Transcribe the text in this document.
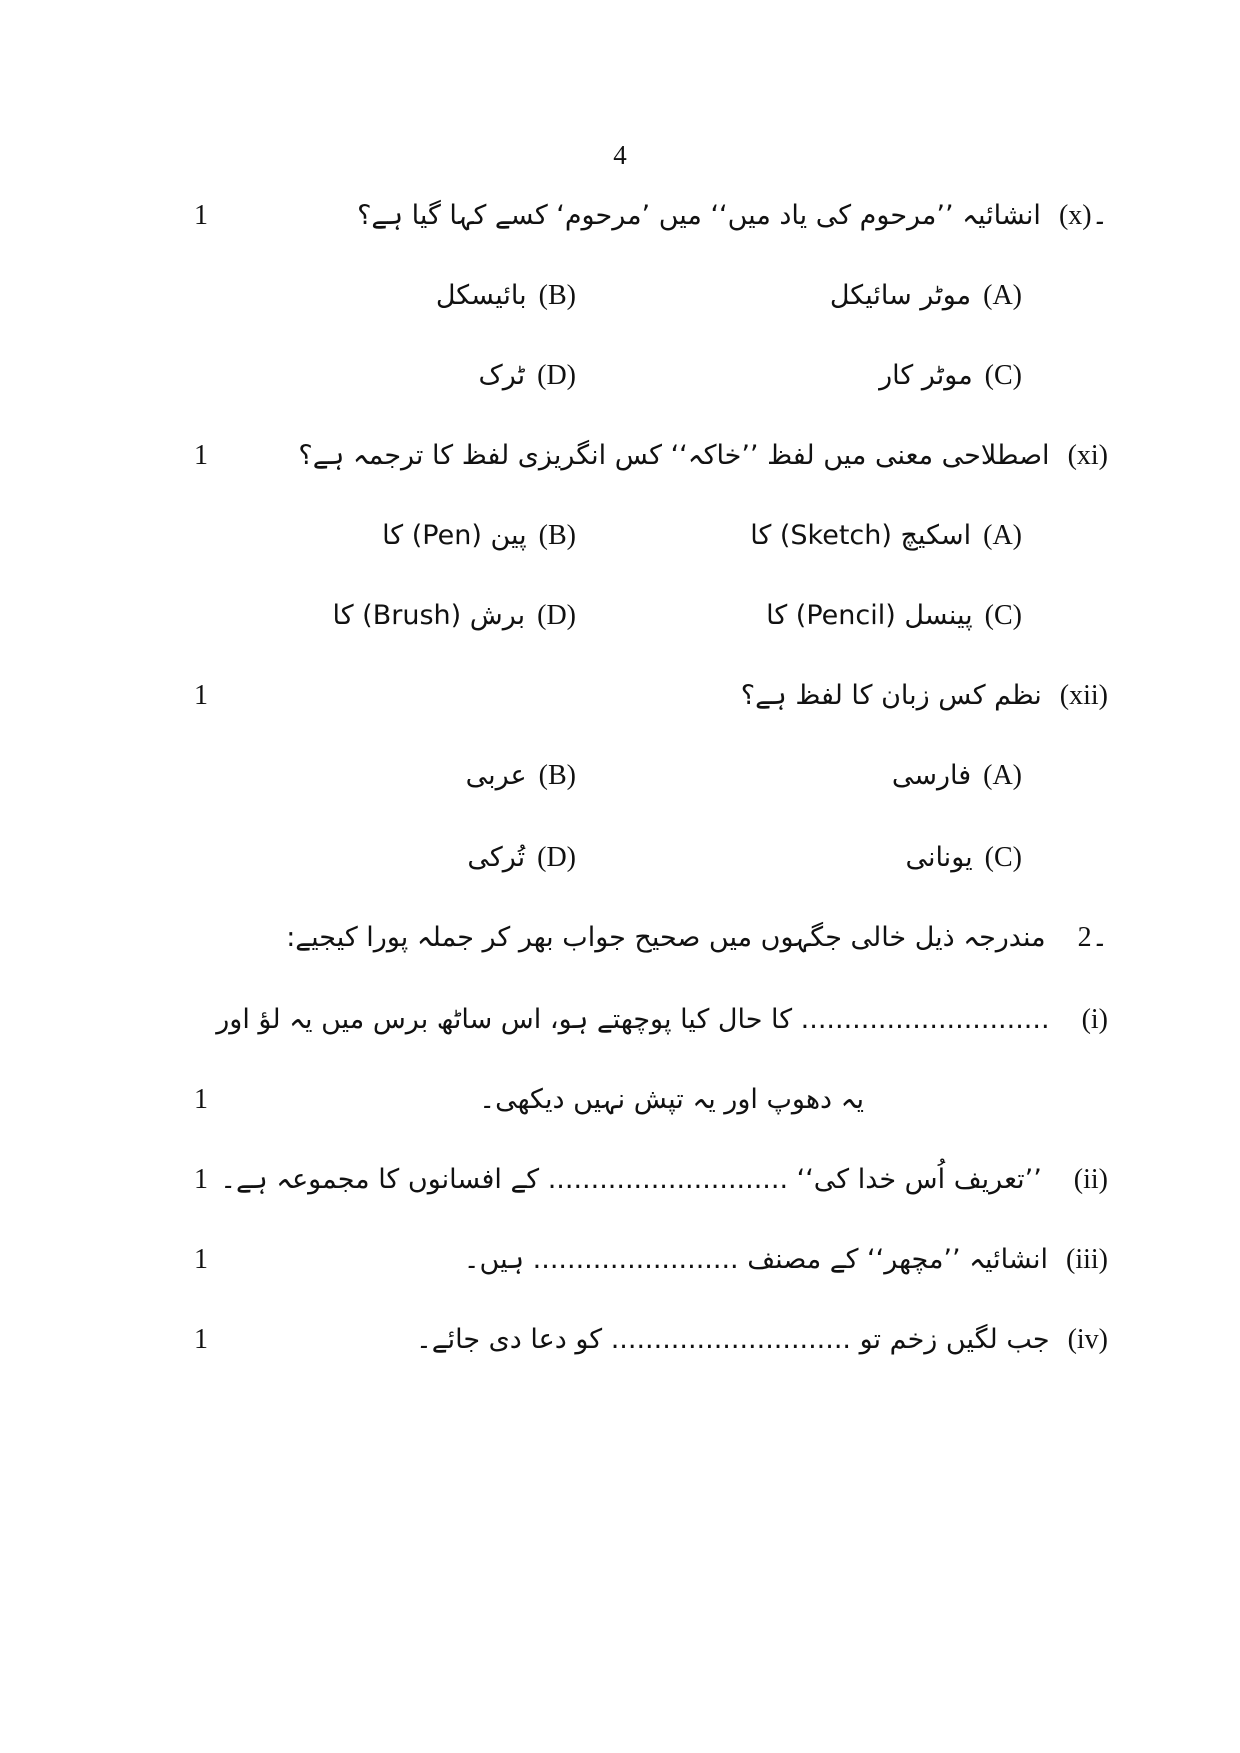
4
1	(x)۔انشائیہ ’’مرحوم کی یاد میں‘‘ میں ’مرحوم‘ کسے کہا گیا ہے؟
(A)موٹر سائیکل
(B)بائیسکل
(C)موٹر کار
(D)ٹرک
1	(xi)اصطلاحی معنی میں لفظ ’’خاکہ‘‘ کس انگریزی لفظ کا ترجمہ ہے؟
(A)اسکیچ (Sketch) کا
(B)پین (Pen) کا
(C)پینسل (Pencil) کا
(D)برش (Brush) کا
1	(xii)نظم کس زبان کا لفظ ہے؟
(A)فارسی
(B)عربی
(C)یونانی
(D)تُرکی
2۔مندرجہ ذیل خالی جگہوں میں صحیح جواب بھر کر جملہ پورا کیجیے:
(i)............................. کا حال کیا پوچھتے ہو، اس ساٹھ برس میں یہ لؤ اور
یہ دھوپ اور یہ تپش نہیں دیکھی۔
1
1	(ii)’’تعریف اُس خدا کی‘‘ ............................ کے افسانوں کا مجموعہ ہے۔
1	(iii)انشائیہ ’’مچھر‘‘ کے مصنف ........................ ہیں۔
1	(iv)جب لگیں زخم تو ............................ کو دعا دی جائے۔
